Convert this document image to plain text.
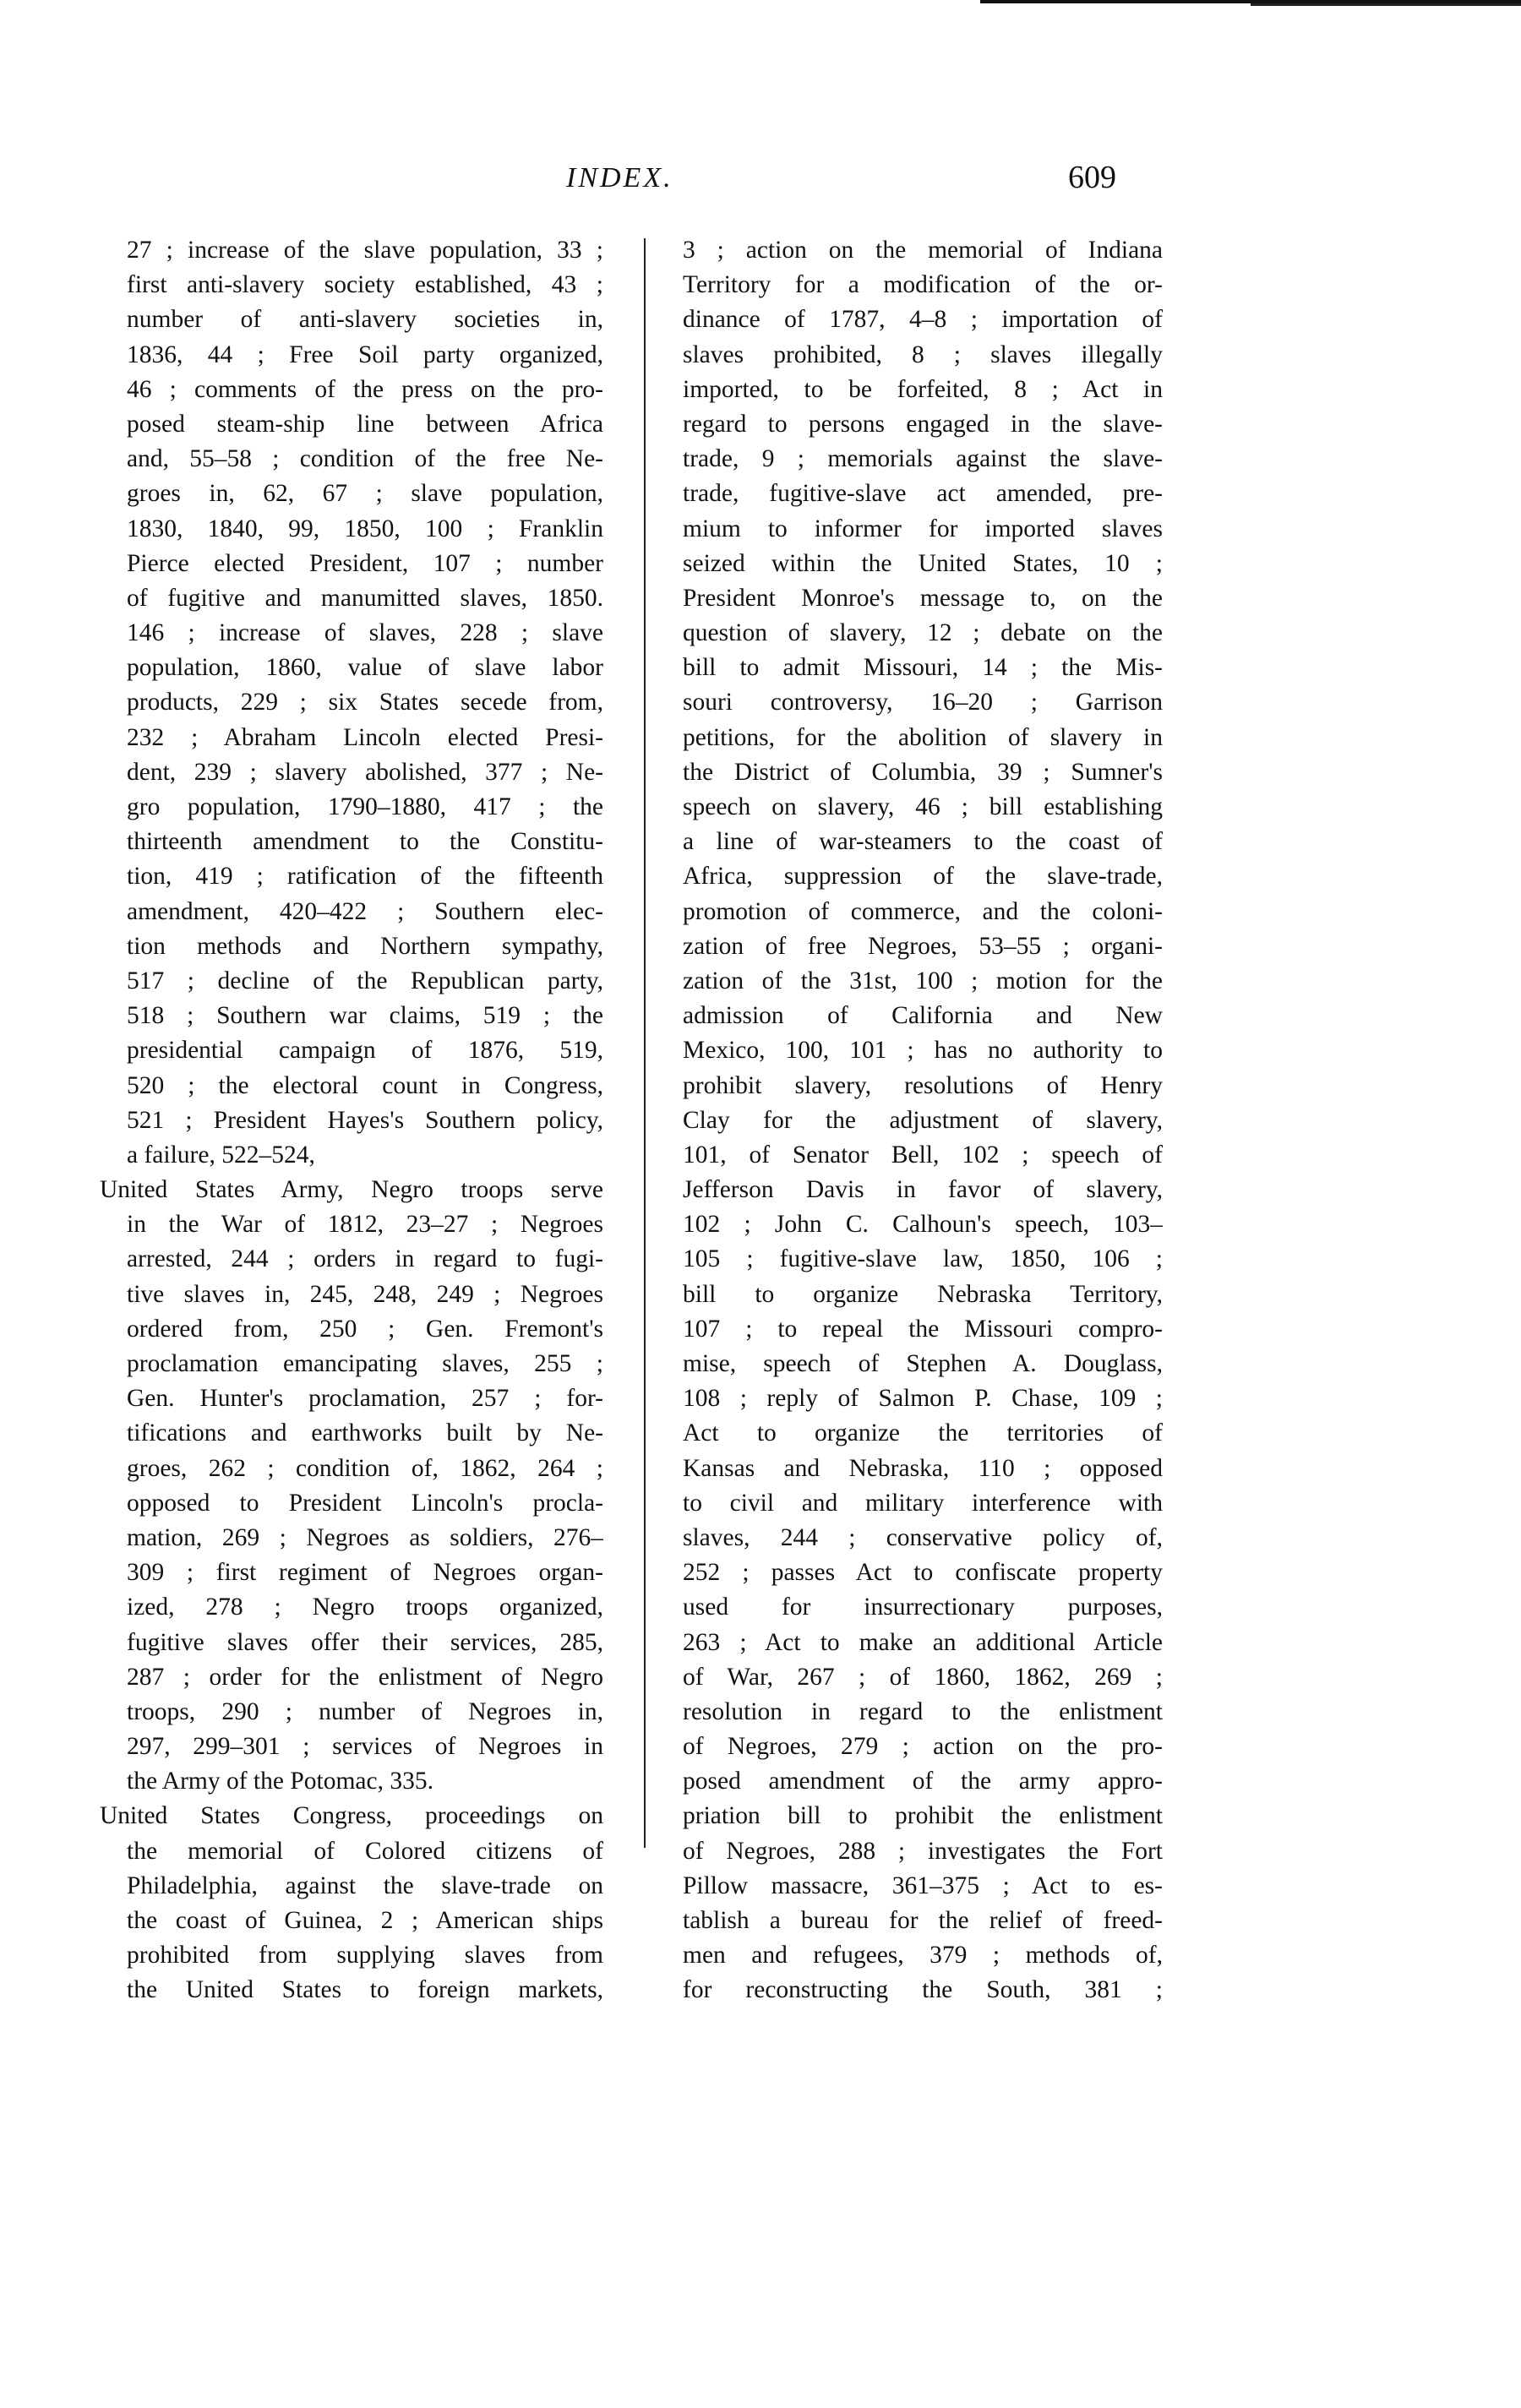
INDEX.	609
27 ; increase of the slave population, 33 ;
first anti-slavery society established, 43 ;
number of anti-slavery societies in,
1836, 44 ; Free Soil party organized,
46 ; comments of the press on the pro-
posed steam-ship line between Africa
and, 55–58 ; condition of the free Ne-
groes in, 62, 67 ; slave population,
1830, 1840, 99, 1850, 100 ; Franklin
Pierce elected President, 107 ; number
of fugitive and manumitted slaves, 1850.
146 ; increase of slaves, 228 ; slave
population, 1860, value of slave labor
products, 229 ; six States secede from,
232 ; Abraham Lincoln elected Presi-
dent, 239 ; slavery abolished, 377 ; Ne-
gro population, 1790–1880, 417 ; the
thirteenth amendment to the Constitu-
tion, 419 ; ratification of the fifteenth
amendment, 420–422 ; Southern elec-
tion methods and Northern sympathy,
517 ; decline of the Republican party,
518 ; Southern war claims, 519 ; the
presidential campaign of 1876, 519,
520 ; the electoral count in Congress,
521 ; President Hayes's Southern policy,
a failure, 522–524,
United States Army, Negro troops serve
in the War of 1812, 23–27 ; Negroes
arrested, 244 ; orders in regard to fugi-
tive slaves in, 245, 248, 249 ; Negroes
ordered from, 250 ; Gen. Fremont's
proclamation emancipating slaves, 255 ;
Gen. Hunter's proclamation, 257 ; for-
tifications and earthworks built by Ne-
groes, 262 ; condition of, 1862, 264 ;
opposed to President Lincoln's procla-
mation, 269 ; Negroes as soldiers, 276–
309 ; first regiment of Negroes organ-
ized, 278 ; Negro troops organized,
fugitive slaves offer their services, 285,
287 ; order for the enlistment of Negro
troops, 290 ; number of Negroes in,
297, 299–301 ; services of Negroes in
the Army of the Potomac, 335.
United States Congress, proceedings on
the memorial of Colored citizens of
Philadelphia, against the slave-trade on
the coast of Guinea, 2 ; American ships
prohibited from supplying slaves from
the United States to foreign markets,
3 ; action on the memorial of Indiana
Territory for a modification of the or-
dinance of 1787, 4–8 ; importation of
slaves prohibited, 8 ; slaves illegally
imported, to be forfeited, 8 ; Act in
regard to persons engaged in the slave-
trade, 9 ; memorials against the slave-
trade, fugitive-slave act amended, pre-
mium to informer for imported slaves
seized within the United States, 10 ;
President Monroe's message to, on the
question of slavery, 12 ; debate on the
bill to admit Missouri, 14 ; the Mis-
souri controversy, 16–20 ; Garrison
petitions, for the abolition of slavery in
the District of Columbia, 39 ; Sumner's
speech on slavery, 46 ; bill establishing
a line of war-steamers to the coast of
Africa, suppression of the slave-trade,
promotion of commerce, and the coloni-
zation of free Negroes, 53–55 ; organi-
zation of the 31st, 100 ; motion for the
admission of California and New
Mexico, 100, 101 ; has no authority to
prohibit slavery, resolutions of Henry
Clay for the adjustment of slavery,
101, of Senator Bell, 102 ; speech of
Jefferson Davis in favor of slavery,
102 ; John C. Calhoun's speech, 103–
105 ; fugitive-slave law, 1850, 106 ;
bill to organize Nebraska Territory,
107 ; to repeal the Missouri compro-
mise, speech of Stephen A. Douglass,
108 ; reply of Salmon P. Chase, 109 ;
Act to organize the territories of
Kansas and Nebraska, 110 ; opposed
to civil and military interference with
slaves, 244 ; conservative policy of,
252 ; passes Act to confiscate property
used for insurrectionary purposes,
263 ; Act to make an additional Article
of War, 267 ; of 1860, 1862, 269 ;
resolution in regard to the enlistment
of Negroes, 279 ; action on the pro-
posed amendment of the army appro-
priation bill to prohibit the enlistment
of Negroes, 288 ; investigates the Fort
Pillow massacre, 361–375 ; Act to es-
tablish a bureau for the relief of freed-
men and refugees, 379 ; methods of,
for reconstructing the South, 381 ;
